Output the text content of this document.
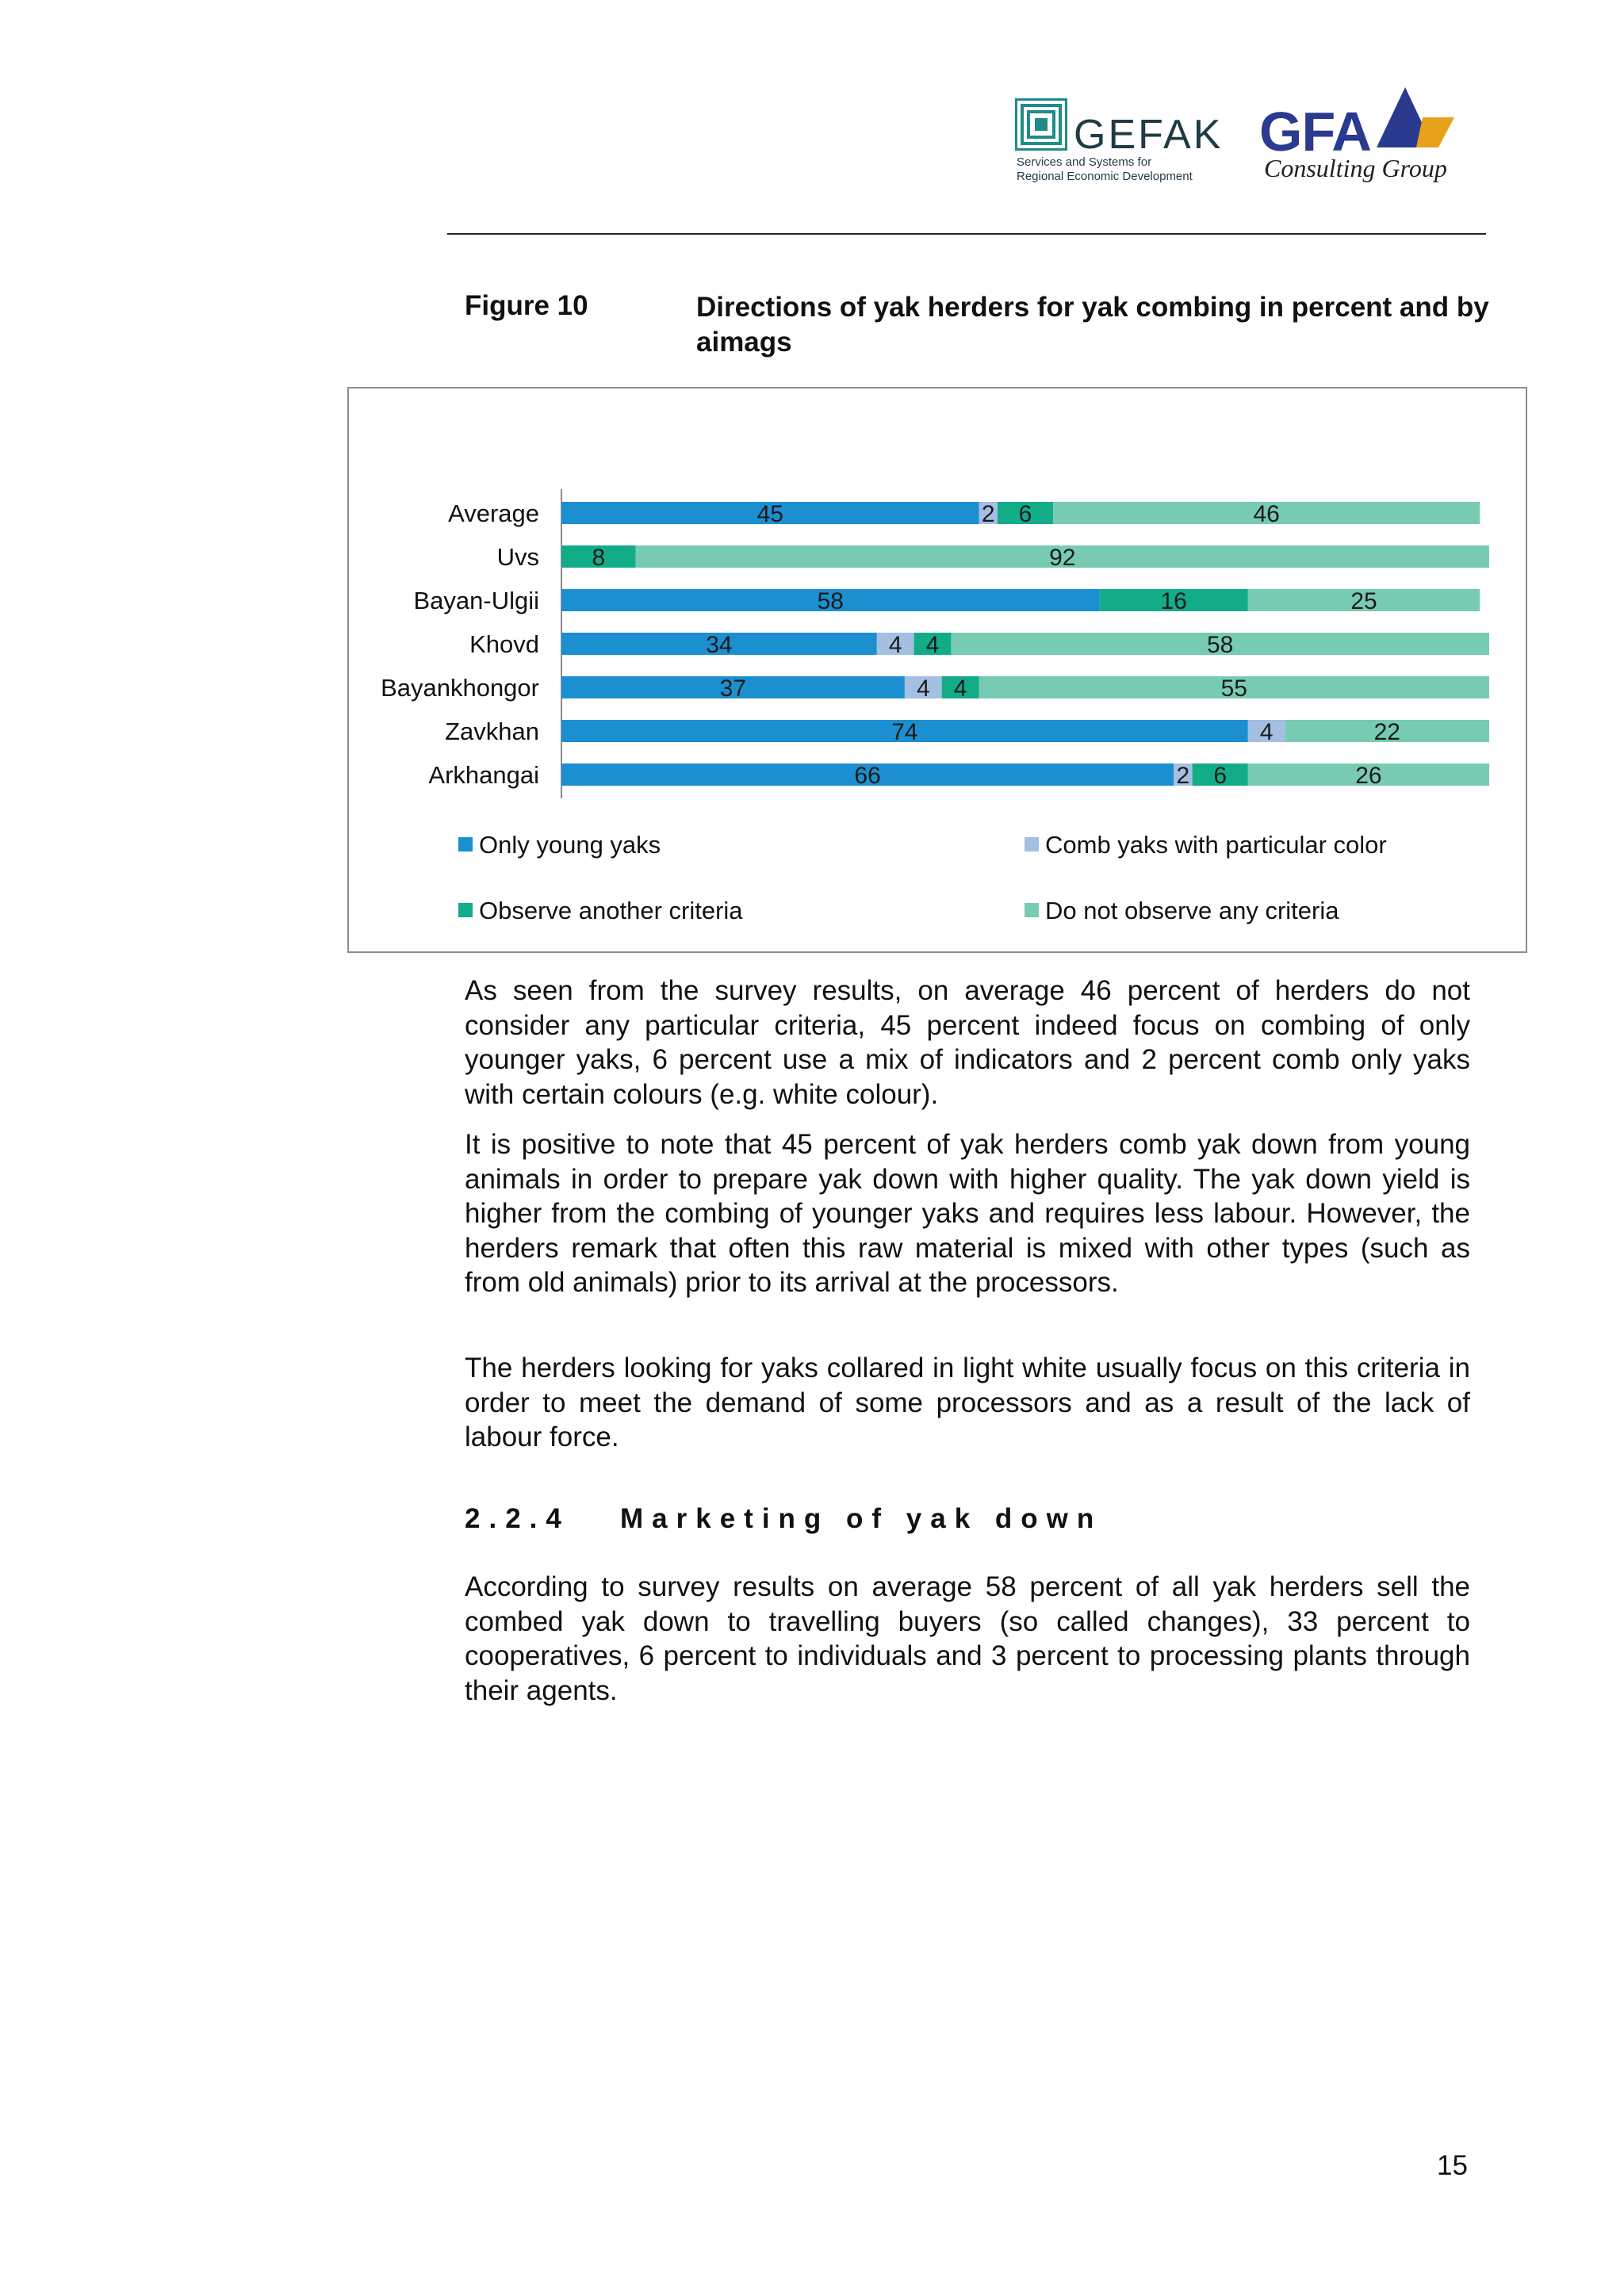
GEFAK
Services and Systems for
Regional Economic Development
GFA
Consulting Group
Figure 10	Directions of yak herders for yak combing in percent and by aimags
Average	45	2 6	46
Uvs 8	92
Bayan-Ulgii	58	16	25
Khovd	34	4 4	58
Bayankhongor	37	4 4	55
Zavkhan	74	4	22
Arkhangai	66	2 6	26
Only young yaks	Comb yaks with particular color
Observe another criteria	Do not observe any criteria
As seen from the survey results, on average 46 percent of herders do not consider any particular criteria, 45 percent indeed focus on combing of only younger yaks, 6 percent use a mix of indicators and 2 percent comb only yaks with certain colours (e.g. white colour).
It is positive to note that 45 percent of yak herders comb yak down from young animals in order to prepare yak down with higher quality. The yak down yield is higher from the combing of younger yaks and requires less labour. However, the herders remark that often this raw material is mixed with other types (such as from old animals) prior to its arrival at the processors.
The herders looking for yaks collared in light white usually focus on this criteria in order to meet the demand of some processors and as a result of the lack of labour force.
2.2.4 Marketing of yak down
According to survey results on average 58 percent of all yak herders sell the combed yak down to travelling buyers (so called changes), 33 percent to cooperatives, 6 percent to individuals and 3 percent to processing plants through their agents.
15
